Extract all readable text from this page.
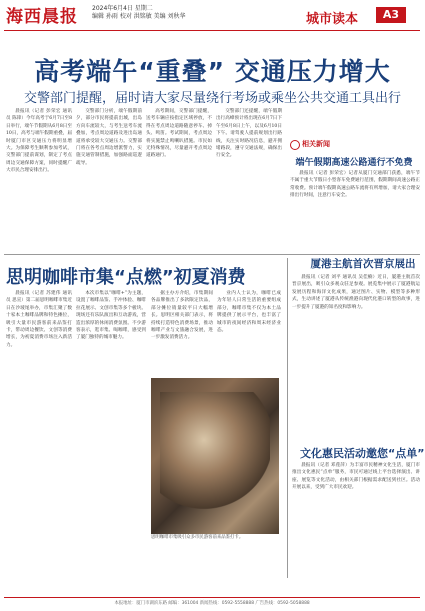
海西晨报 2024年6月4日 星期二
编辑 孙雨 校对 洪铭敏 美编 刘秋华	城市读本	A3
高考端午“重叠” 交通压力增大
交警部门提醒，届时请大家尽量绕行考场或乘坐公共交通工具出行

晨报讯（记者 彭荣宏 通讯员 陈锋）今年高考于6月7日至8日举行，端午节假期从6月8日至10日，高考与端午假期重叠，届时厦门市区交通压力将明显增大。为保障考生顺利参加考试，交警部门提前谋划，制定了考点周边交通保障方案，同时提醒广大市民合理安排出行。

交警部门分析，端午假期前夕，部分市民将提前出城，出岛方向车流较大，与考生送考车流叠加，考点周边道路及进出岛通道将承受较大交通压力。交警部门将在各考点周边增派警力，实施交通管制措施，加强路面巡逻疏导。

高考期间，交警部门提醒，送考车辆应按指定区域停放，不得在考点周边道路随意停车、掉头、鸣笛。考试期间，考点周边将实施禁止鸣喇叭措施。市民如无特殊情况，尽量避开考点周边道路通行。

交警部门还提醒，端午假期出行高峰预计将出现在6月7日下午至6月8日上午，以及6月10日下午。请驾驶人提前规划出行路线，关注实时路况信息，避开拥堵路段，遵守交通法规，确保出行安全。

相关新闻
端午假期高速公路通行不免费

晨报讯（记者 彭荣宏）记者从厦门交通部门获悉，端午节不属于重大节假日小型客车免费通行范围，假期期间高速公路正常收费。预计端午假期高速公路车流将有所增加，请大家合理安排出行时间，注意行车安全。

思明咖啡市集“点燃”初夏消费

晨报讯（记者 苏建伟 通讯员 思宣）第二届思明咖啡市集近日在沙坡尾举办，市集汇聚了数十家本土咖啡品牌和特色摊位，吸引大量市民游客前来品鉴打卡，带动周边餐饮、文创等消费增长，为初夏消费市场注入新活力。

本次市集以“咖啡+”为主题，设置了咖啡品鉴、手冲体验、咖啡拉花展示、文创市集等多个板块。现场还有乐队演出和互动游戏，营造出浓厚的休闲消费氛围。不少游客表示，逛市集、喝咖啡，感受到了厦门独特的城市魅力。

据主办方介绍，市集期间各品牌推出了多款限定饮品，部分摊位销量较平日大幅增长。思明区相关部门表示，将持续打造特色消费场景，推动咖啡产业与文旅融合发展，进一步激发消费活力。

业内人士认为，咖啡已成为年轻人日常生活的重要组成部分，咖啡市集不仅为本土品牌提供了展示平台，也丰富了城市的夜间经济和周末经济业态。

思明咖啡市集吸引众多市民游客前来品鉴打卡。
厦港主航首次晋京展出

晨报讯（记者 刘平 通讯员 吴佳楠）近日，厦港主航首次晋京展出，吸引众多观众驻足参观。展览集中展示了厦港航运发展历程和海洋文化成果，通过图片、实物、模型等多种形式，生动讲述了厦港从传统渔港向现代化港口转型的故事，进一步提升了厦港的知名度和影响力。

文化惠民活动邀您“点单”

晨报讯（记者 邓莲萍）为丰富市民精神文化生活，厦门市推出文化惠民“点单”服务，市民可通过线上平台选择演出、讲座、展览等文化活动，由相关部门根据需求配送到社区。活动开展以来，受到广大市民欢迎。

本报地址：厦门市湖滨东路 邮编：361004 新闻热线：0592-5558888 广告热线：0592-5058888
